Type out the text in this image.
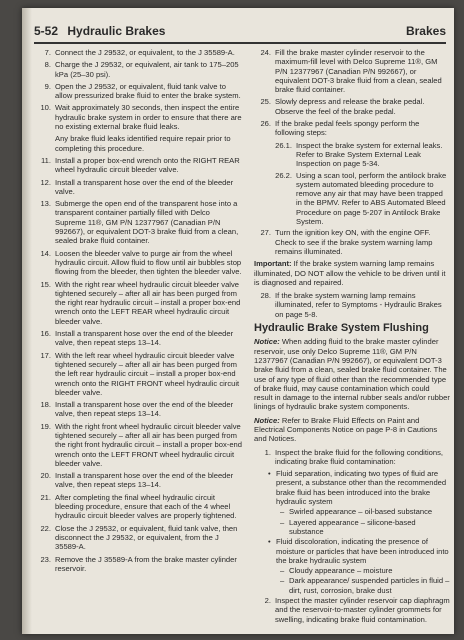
5-52 Hydraulic Brakes	Brakes
7. Connect the J 29532, or equivalent, to the J 35589-A.
8. Charge the J 29532, or equivalent, air tank to 175–205 kPa (25–30 psi).
9. Open the J 29532, or equivalent, fluid tank valve to allow pressurized brake fluid to enter the brake system.
10. Wait approximately 30 seconds, then inspect the entire hydraulic brake system in order to ensure that there are no existing external brake fluid leaks.
Any brake fluid leaks identified require repair prior to completing this procedure.
11. Install a proper box-end wrench onto the RIGHT REAR wheel hydraulic circuit bleeder valve.
12. Install a transparent hose over the end of the bleeder valve.
13. Submerge the open end of the transparent hose into a transparent container partially filled with Delco Supreme 11®, GM P/N 12377967 (Canadian P/N 992667), or equivalent DOT-3 brake fluid from a clean, sealed brake fluid container.
14. Loosen the bleeder valve to purge air from the wheel hydraulic circuit. Allow fluid to flow until air bubbles stop flowing from the bleeder, then tighten the bleeder valve.
15. With the right rear wheel hydraulic circuit bleeder valve tightened securely – after all air has been purged from the right rear hydraulic circuit – install a proper box-end wrench onto the LEFT REAR wheel hydraulic circuit bleeder valve.
16. Install a transparent hose over the end of the bleeder valve, then repeat steps 13–14.
17. With the left rear wheel hydraulic circuit bleeder valve tightened securely – after all air has been purged from the left rear hydraulic circuit – install a proper box-end wrench onto the RIGHT FRONT wheel hydraulic circuit bleeder valve.
18. Install a transparent hose over the end of the bleeder valve, then repeat steps 13–14.
19. With the right front wheel hydraulic circuit bleeder valve tightened securely – after all air has been purged from the right front hydraulic circuit – install a proper box-end wrench onto the LEFT FRONT wheel hydraulic circuit bleeder valve.
20. Install a transparent hose over the end of the bleeder valve, then repeat steps 13–14.
21. After completing the final wheel hydraulic circuit bleeding procedure, ensure that each of the 4 wheel hydraulic circuit bleeder valves are properly tightened.
22. Close the J 29532, or equivalent, fluid tank valve, then disconnect the J 29532, or equivalent, from the J 35589-A.
23. Remove the J 35589-A from the brake master cylinder reservoir.
24. Fill the brake master cylinder reservoir to the maximum-fill level with Delco Supreme 11®, GM P/N 12377967 (Canadian P/N 992667), or equivalent DOT-3 brake fluid from a clean, sealed brake fluid container.
25. Slowly depress and release the brake pedal. Observe the feel of the brake pedal.
26. If the brake pedal feels spongy perform the following steps:
26.1. Inspect the brake system for external leaks. Refer to Brake System External Leak Inspection on page 5-34.
26.2. Using a scan tool, perform the antilock brake system automated bleeding procedure to remove any air that may have been trapped in the BPMV. Refer to ABS Automated Bleed Procedure on page 5-207 in Antilock Brake System.
27. Turn the ignition key ON, with the engine OFF. Check to see if the brake system warning lamp remains illuminated.
Important: If the brake system warning lamp remains illuminated, DO NOT allow the vehicle to be driven until it is diagnosed and repaired.
28. If the brake system warning lamp remains illuminated, refer to Symptoms - Hydraulic Brakes on page 5-8.
Hydraulic Brake System Flushing
Notice: When adding fluid to the brake master cylinder reservoir, use only Delco Supreme 11®, GM P/N 12377967 (Canadian P/N 992667), or equivalent DOT-3 brake fluid from a clean, sealed brake fluid container. The use of any type of fluid other than the recommended type of brake fluid, may cause contamination which could result in damage to the internal rubber seals and/or rubber linings of hydraulic brake system components.
Notice: Refer to Brake Fluid Effects on Paint and Electrical Components Notice on page P-8 in Cautions and Notices.
1. Inspect the brake fluid for the following conditions, indicating brake fluid contamination:
• Fluid separation, indicating two types of fluid are present, a substance other than the recommended brake fluid has been introduced into the brake hydraulic system
– Swirled appearance – oil-based substance
– Layered appearance – silicone-based substance
• Fluid discoloration, indicating the presence of moisture or particles that have been introduced into the brake hydraulic system
– Cloudy appearance – moisture
– Dark appearance/ suspended particles in fluid – dirt, rust, corrosion, brake dust
2. Inspect the master cylinder reservoir cap diaphragm and the reservoir-to-master cylinder grommets for swelling, indicating brake fluid contamination.
